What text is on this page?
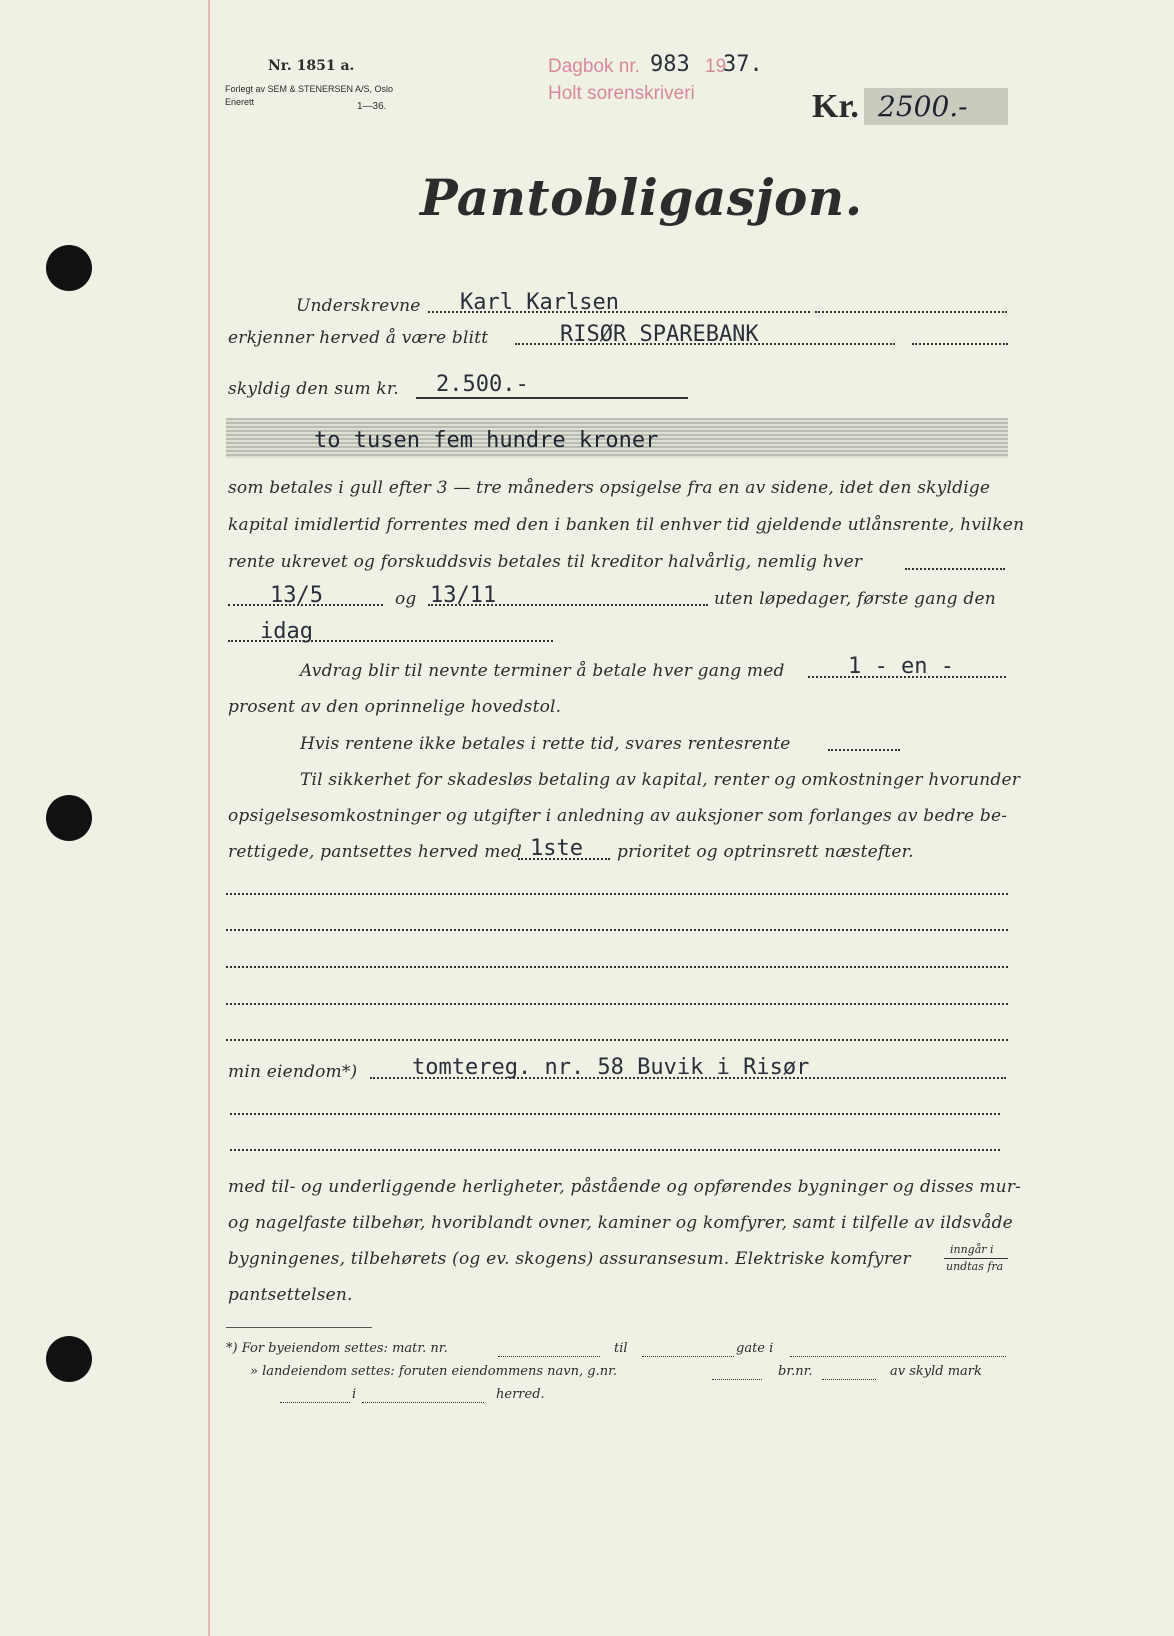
Nr. 1851 a.
Forlegt av SEM & STENERSEN A/S, Oslo
Enerett	1—36.
Dagbok nr. 983 19
37.
Holt sorenskriveri	Kr. 2500.-
Pantobligasjon.
Underskrevne Karl Karlsen
erkjenner herved å være blitt	RISØR SPAREBANK
skyldig den sum kr. 2.500.-
to tusen fem hundre kroner
som betales i gull efter 3 — tre måneders opsigelse fra en av sidene, idet den skyldige
kapital imidlertid forrentes med den i banken til enhver tid gjeldende utlånsrente, hvilken
rente ukrevet og forskuddsvis betales til kreditor halvårlig, nemlig hver
13/5	og 13/11	uten løpedager, første gang den
idag
Avdrag blir til nevnte terminer å betale hver gang med	1 - en -
prosent av den oprinnelige hovedstol.
Hvis rentene ikke betales i rette tid, svares rentesrente
Til sikkerhet for skadesløs betaling av kapital, renter og omkostninger hvorunder
opsigelsesomkostninger og utgifter i anledning av auksjoner som forlanges av bedre be-
rettigede, pantsettes herved med 1ste prioritet og optrinsrett næstefter.
min eiendom*) tomtereg. nr. 58 Buvik i Risør
med til- og underliggende herligheter, påstående og opførendes bygninger og disses mur-
og nagelfaste tilbehør, hvoriblandt ovner, kaminer og komfyrer, samt i tilfelle av ildsvåde
bygningenes, tilbehørets (og ev. skogens) assuransesum. Elektriske komfyrer	inngår i
undtas fra
pantsettelsen.
*) For byeiendom settes: matr. nr.	til	gate i
» landeiendom settes: foruten eiendommens navn, g.nr.	br.nr.	av skyld mark
i	herred.
